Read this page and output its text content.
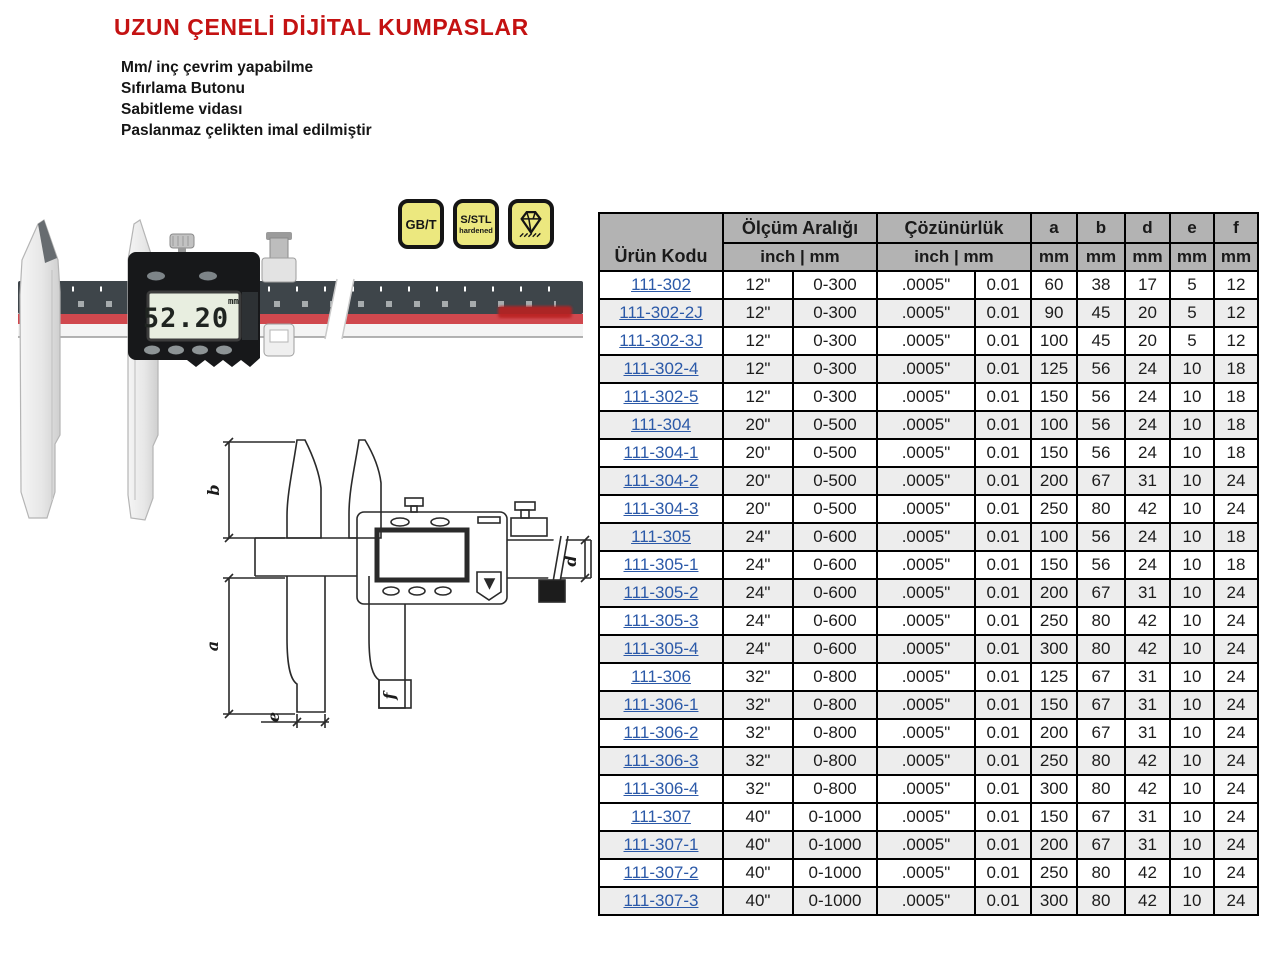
UZUN ÇENELİ DİJİTAL KUMPASLAR
Mm/ inç çevrim yapabilme
Sıfırlama Butonu
Sabitleme vidası
Paslanmaz çelikten imal edilmiştir
52.20
mm
b
a
e
f
d
GB/T S/STL
hardened
Ürün Kodu	Ölçüm Aralığı		Çözünürlük		a	b	d	e	f
	inch | mm		inch | mm		mm	mm	mm	mm	mm
111-302	12"	0-300	.0005"	0.01	60	38	17	5	12
111-302-2J	12"	0-300	.0005"	0.01	90	45	20	5	12
111-302-3J	12"	0-300	.0005"	0.01	100	45	20	5	12
111-302-4	12"	0-300	.0005"	0.01	125	56	24	10	18
111-302-5	12"	0-300	.0005"	0.01	150	56	24	10	18
111-304	20"	0-500	.0005"	0.01	100	56	24	10	18
111-304-1	20"	0-500	.0005"	0.01	150	56	24	10	18
111-304-2	20"	0-500	.0005"	0.01	200	67	31	10	24
111-304-3	20"	0-500	.0005"	0.01	250	80	42	10	24
111-305	24"	0-600	.0005"	0.01	100	56	24	10	18
111-305-1	24"	0-600	.0005"	0.01	150	56	24	10	18
111-305-2	24"	0-600	.0005"	0.01	200	67	31	10	24
111-305-3	24"	0-600	.0005"	0.01	250	80	42	10	24
111-305-4	24"	0-600	.0005"	0.01	300	80	42	10	24
111-306	32"	0-800	.0005"	0.01	125	67	31	10	24
111-306-1	32"	0-800	.0005"	0.01	150	67	31	10	24
111-306-2	32"	0-800	.0005"	0.01	200	67	31	10	24
111-306-3	32"	0-800	.0005"	0.01	250	80	42	10	24
111-306-4	32"	0-800	.0005"	0.01	300	80	42	10	24
111-307	40"	0-1000	.0005"	0.01	150	67	31	10	24
111-307-1	40"	0-1000	.0005"	0.01	200	67	31	10	24
111-307-2	40"	0-1000	.0005"	0.01	250	80	42	10	24
111-307-3	40"	0-1000	.0005"	0.01	300	80	42	10	24
